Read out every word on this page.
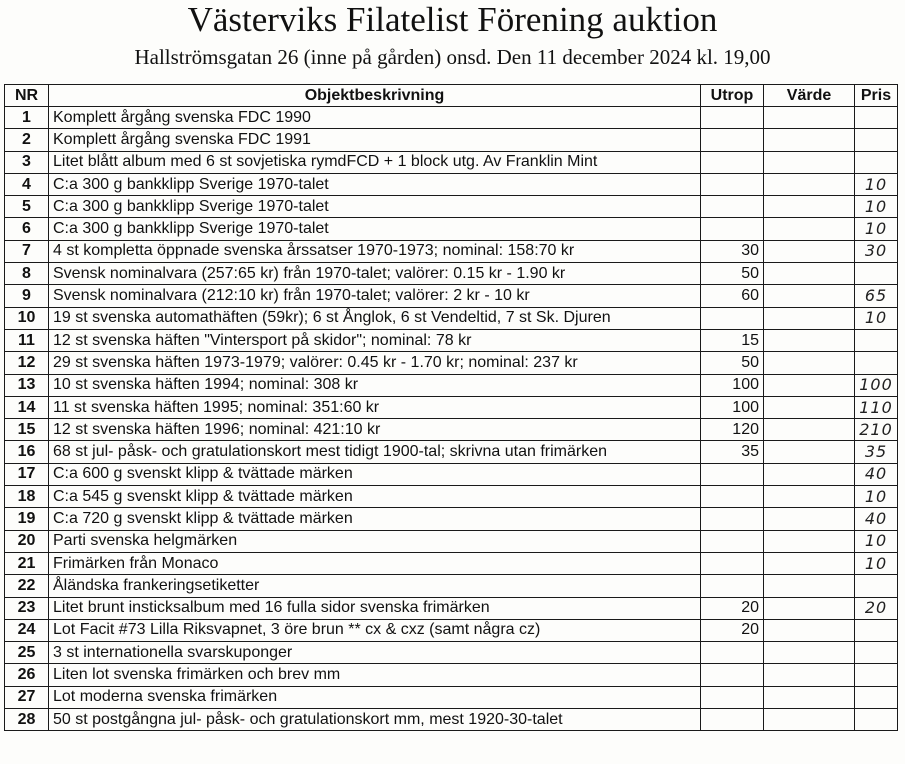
Västerviks Filatelist Förening auktion
Hallströmsgatan 26 (inne på gården) onsd. Den 11 december 2024 kl. 19,00
NR	Objektbeskrivning	Utrop	Värde	Pris
1	Komplett årgång svenska FDC 1990			
2	Komplett årgång svenska FDC 1991			
3	Litet blått album med 6 st sovjetiska rymdFCD + 1 block utg. Av Franklin Mint			
4	C:a 300 g bankklipp Sverige 1970-talet			10
5	C:a 300 g bankklipp Sverige 1970-talet			10
6	C:a 300 g bankklipp Sverige 1970-talet			10
7	4 st kompletta öppnade svenska årssatser 1970-1973; nominal: 158:70 kr	30		30
8	Svensk nominalvara (257:65 kr) från 1970-talet; valörer: 0.15 kr - 1.90 kr	50		
9	Svensk nominalvara (212:10 kr) från 1970-talet; valörer: 2 kr - 10 kr	60		65
10	19 st svenska automathäften (59kr); 6 st Ånglok, 6 st Vendeltid, 7 st Sk. Djuren			10
11	12 st svenska häften "Vintersport på skidor"; nominal: 78 kr	15		
12	29 st svenska häften 1973-1979; valörer: 0.45 kr - 1.70 kr; nominal: 237 kr	50		
13	10 st svenska häften 1994; nominal: 308 kr	100		100
14	11 st svenska häften 1995; nominal: 351:60 kr	100		110
15	12 st svenska häften 1996; nominal: 421:10 kr	120		210
16	68 st jul- påsk- och gratulationskort mest tidigt 1900-tal; skrivna utan frimärken	35		35
17	C:a 600 g svenskt klipp & tvättade märken			40
18	C:a 545 g svenskt klipp & tvättade märken			10
19	C:a 720 g svenskt klipp & tvättade märken			40
20	Parti svenska helgmärken			10
21	Frimärken från Monaco			10
22	Åländska frankeringsetiketter			
23	Litet brunt insticksalbum med 16 fulla sidor svenska frimärken	20		20
24	Lot Facit #73 Lilla Riksvapnet, 3 öre brun ** cx & cxz (samt några cz)	20		
25	3 st internationella svarskuponger			
26	Liten lot svenska frimärken och brev mm			
27	Lot moderna svenska frimärken			
28	50 st postgångna jul- påsk- och gratulationskort mm, mest 1920-30-talet			
